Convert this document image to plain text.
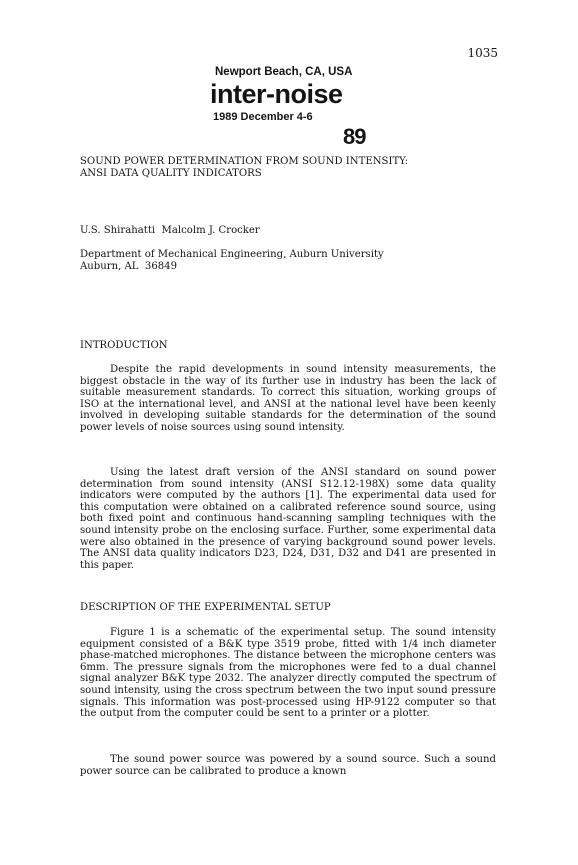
1035
Newport Beach, CA, USA
inter-noise
1989 December 4-6
89
SOUND POWER DETERMINATION FROM SOUND INTENSITY:
ANSI DATA QUALITY INDICATORS
U.S. Shirahatti  Malcolm J. Crocker
Department of Mechanical Engineering, Auburn University
Auburn, AL  36849
INTRODUCTION

Despite the rapid developments in sound intensity measurements, the biggest obstacle in the way of its further use in industry has been the lack of suitable measurement standards. To correct this situation, working groups of ISO at the international level, and ANSI at the national level have been keenly involved in developing suitable standards for the determination of the sound power levels of noise sources using sound intensity.

Using the latest draft version of the ANSI standard on sound power determination from sound intensity (ANSI S12.12-198X) some data quality indicators were computed by the authors [1]. The experimental data used for this computation were obtained on a calibrated reference sound source, using both fixed point and continuous hand-scanning sampling techniques with the sound intensity probe on the enclosing surface. Further, some experimental data were also obtained in the presence of varying background sound power levels. The ANSI data quality indicators D23, D24, D31, D32 and D41 are presented in this paper.

DESCRIPTION OF THE EXPERIMENTAL SETUP

Figure 1 is a schematic of the experimental setup. The sound intensity equipment consisted of a B&K type 3519 probe, fitted with 1/4 inch diameter phase-matched microphones. The distance between the microphone centers was 6mm. The pressure signals from the microphones were fed to a dual channel signal analyzer B&K type 2032. The analyzer directly computed the spectrum of sound intensity, using the cross spectrum between the two input sound pressure signals. This information was post-processed using HP-9122 computer so that the output from the computer could be sent to a printer or a plotter.

The sound power source was powered by a sound source. Such a sound power source can be calibrated to produce a known
